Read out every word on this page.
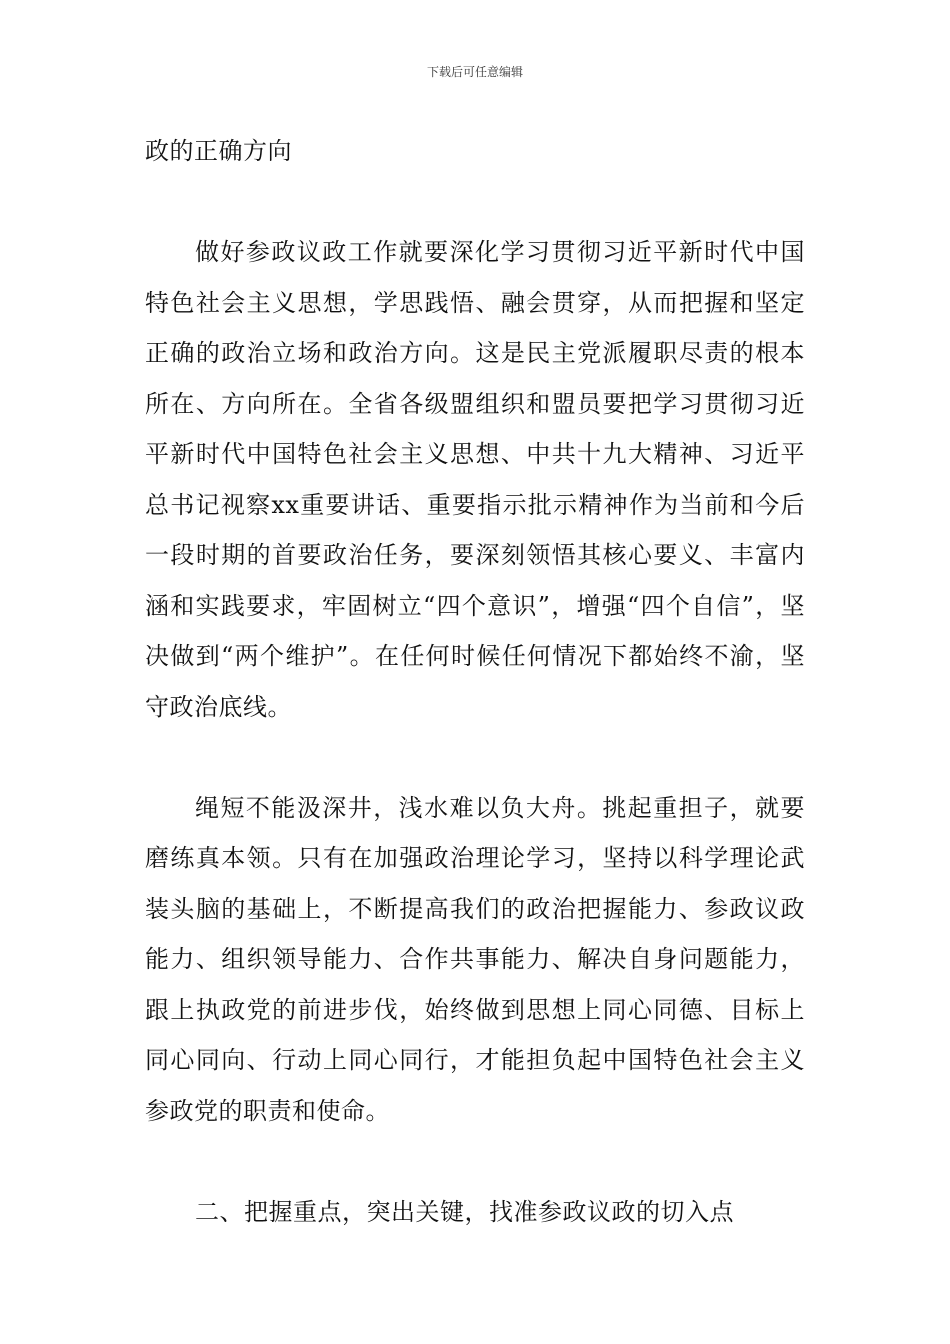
下载后可任意编辑

政的正确方向

做好参政议政工作就要深化学习贯彻习近平新时代中国特色社会主义思想，学思践悟、融会贯穿，从而把握和坚定正确的政治立场和政治方向。这是民主党派履职尽责的根本所在、方向所在。全省各级盟组织和盟员要把学习贯彻习近平新时代中国特色社会主义思想、中共十九大精神、习近平总书记视察xx重要讲话、重要指示批示精神作为当前和今后一段时期的首要政治任务，要深刻领悟其核心要义、丰富内涵和实践要求，牢固树立“四个意识”，增强“四个自信”，坚决做到“两个维护”。在任何时候任何情况下都始终不渝，坚守政治底线。

绳短不能汲深井，浅水难以负大舟。挑起重担子，就要磨练真本领。只有在加强政治理论学习，坚持以科学理论武装头脑的基础上，不断提高我们的政治把握能力、参政议政能力、组织领导能力、合作共事能力、解决自身问题能力，跟上执政党的前进步伐，始终做到思想上同心同德、目标上同心同向、行动上同心同行，才能担负起中国特色社会主义参政党的职责和使命。

二、把握重点，突出关键，找准参政议政的切入点
